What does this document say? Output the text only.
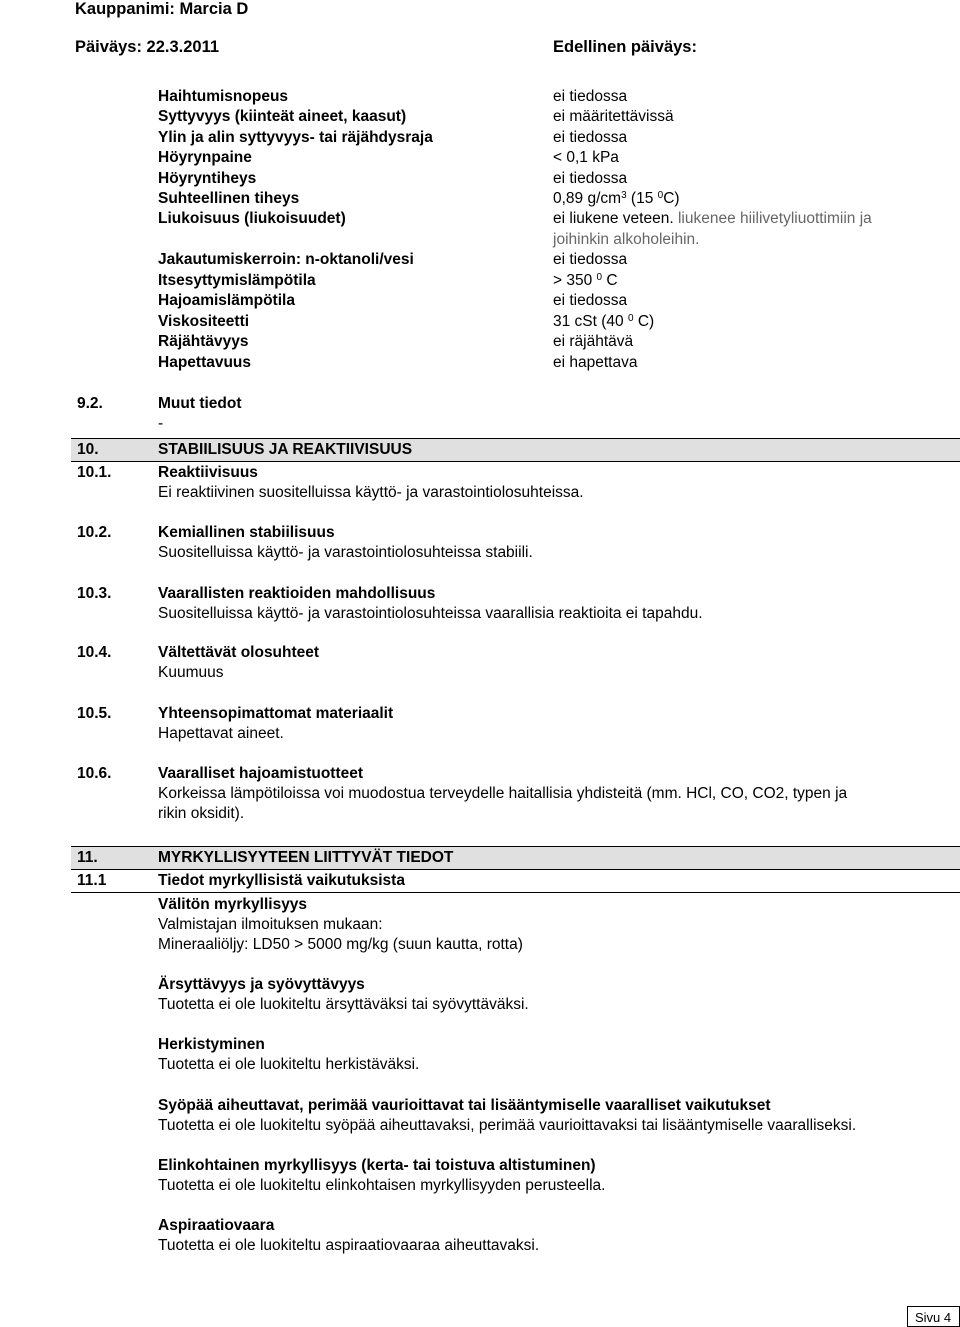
Kauppanimi: Marcia D
Päiväys: 22.3.2011	Edellinen päiväys:
Haihtumisnopeus	ei tiedossa
Syttyvyys (kiinteät aineet, kaasut)	ei määritettävissä
Ylin ja alin syttyvyys- tai räjähdysraja	ei tiedossa
Höyrynpaine	< 0,1 kPa
Höyryntiheys	ei tiedossa
Suhteellinen tiheys	0,89 $g/cm^3$ (15 $^0$C)
Liukoisuus (liukoisuudet)	ei liukene veteen. liukenee hiilivetyliuottimiin ja
joihinkin alkoholeihin.
Jakautumiskerroin: n-oktanoli/vesi	ei tiedossa
Itsesyttymislämpötila	> 350 $^0$ C
Hajoamislämpötila	ei tiedossa
Viskositeetti	31 cSt (40 $^0$ C)
Räjähtävyys	ei räjähtävä
Hapettavuus	ei hapettava
9.2.	Muut tiedot
-
10.	STABIILISUUS JA REAKTIIVISUUS
10.1.	Reaktiivisuus
Ei reaktiivinen suositelluissa käyttö- ja varastointiolosuhteissa.
10.2.	Kemiallinen stabiilisuus
Suositelluissa käyttö- ja varastointiolosuhteissa stabiili.
10.3.	Vaarallisten reaktioiden mahdollisuus
Suositelluissa käyttö- ja varastointiolosuhteissa vaarallisia reaktioita ei tapahdu.
10.4.	Vältettävät olosuhteet
Kuumuus
10.5.	Yhteensopimattomat materiaalit
Hapettavat aineet.
10.6.	Vaaralliset hajoamistuotteet
Korkeissa lämpötiloissa voi muodostua terveydelle haitallisia yhdisteitä (mm. HCl, CO, CO2, typen ja
rikin oksidit).
11.	MYRKYLLISYYTEEN LIITTYVÄT TIEDOT
11.1	Tiedot myrkyllisistä vaikutuksista
Välitön myrkyllisyys
Valmistajan ilmoituksen mukaan:
Mineraaliöljy: LD50 > 5000 mg/kg (suun kautta, rotta)
Ärsyttävyys ja syövyttävyys
Tuotetta ei ole luokiteltu ärsyttäväksi tai syövyttäväksi.
Herkistyminen
Tuotetta ei ole luokiteltu herkistäväksi.
Syöpää aiheuttavat, perimää vaurioittavat tai lisääntymiselle vaaralliset vaikutukset
Tuotetta ei ole luokiteltu syöpää aiheuttavaksi, perimää vaurioittavaksi tai lisääntymiselle vaaralliseksi.
Elinkohtainen myrkyllisyys (kerta- tai toistuva altistuminen)
Tuotetta ei ole luokiteltu elinkohtaisen myrkyllisyyden perusteella.
Aspiraatiovaara
Tuotetta ei ole luokiteltu aspiraatiovaaraa aiheuttavaksi.
Sivu 4
